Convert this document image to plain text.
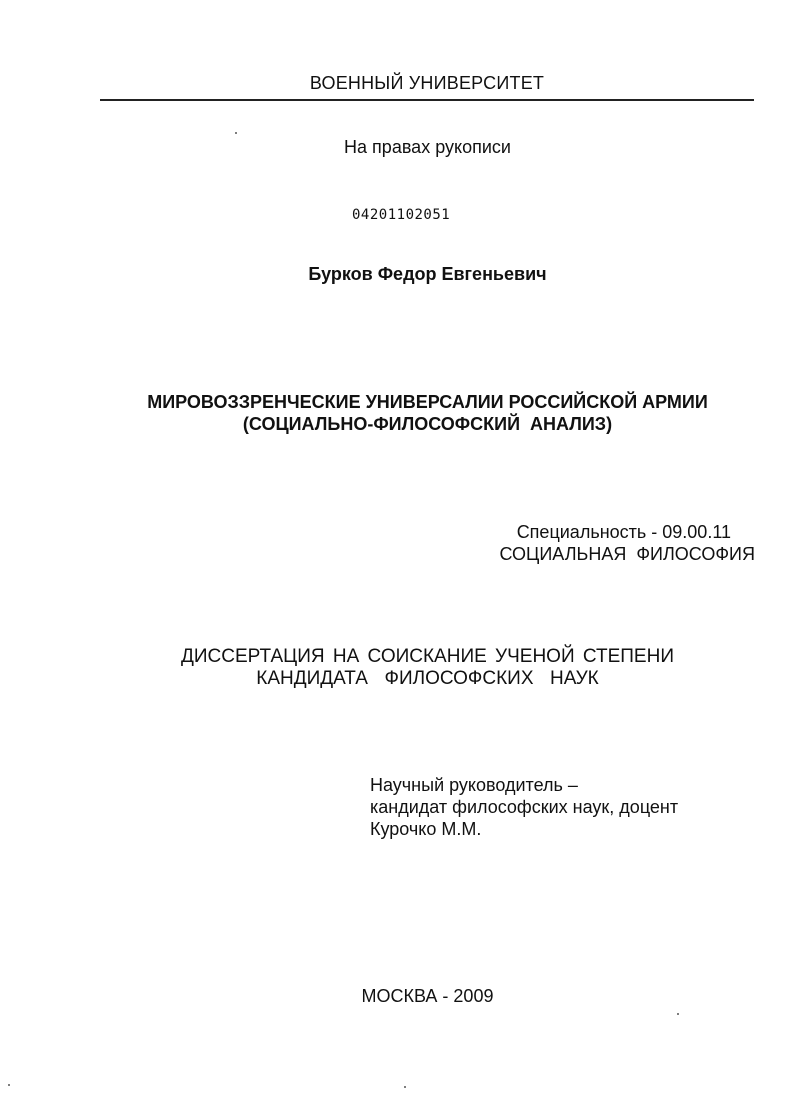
ВОЕННЫЙ УНИВЕРСИТЕТ
На правах рукописи
04201102051
Бурков Федор Евгеньевич
МИРОВОЗЗРЕНЧЕСКИЕ УНИВЕРСАЛИИ РОССИЙСКОЙ АРМИИ
(СОЦИАЛЬНО-ФИЛОСОФСКИЙ  АНАЛИЗ)
Специальность - 09.00.11
СОЦИАЛЬНАЯ  ФИЛОСОФИЯ
ДИССЕРТАЦИЯ НА СОИСКАНИЕ УЧЕНОЙ СТЕПЕНИ
КАНДИДАТА  ФИЛОСОФСКИХ  НАУК
Научный руководитель –
кандидат философских наук, доцент
Курочко М.М.
МОСКВА - 2009
